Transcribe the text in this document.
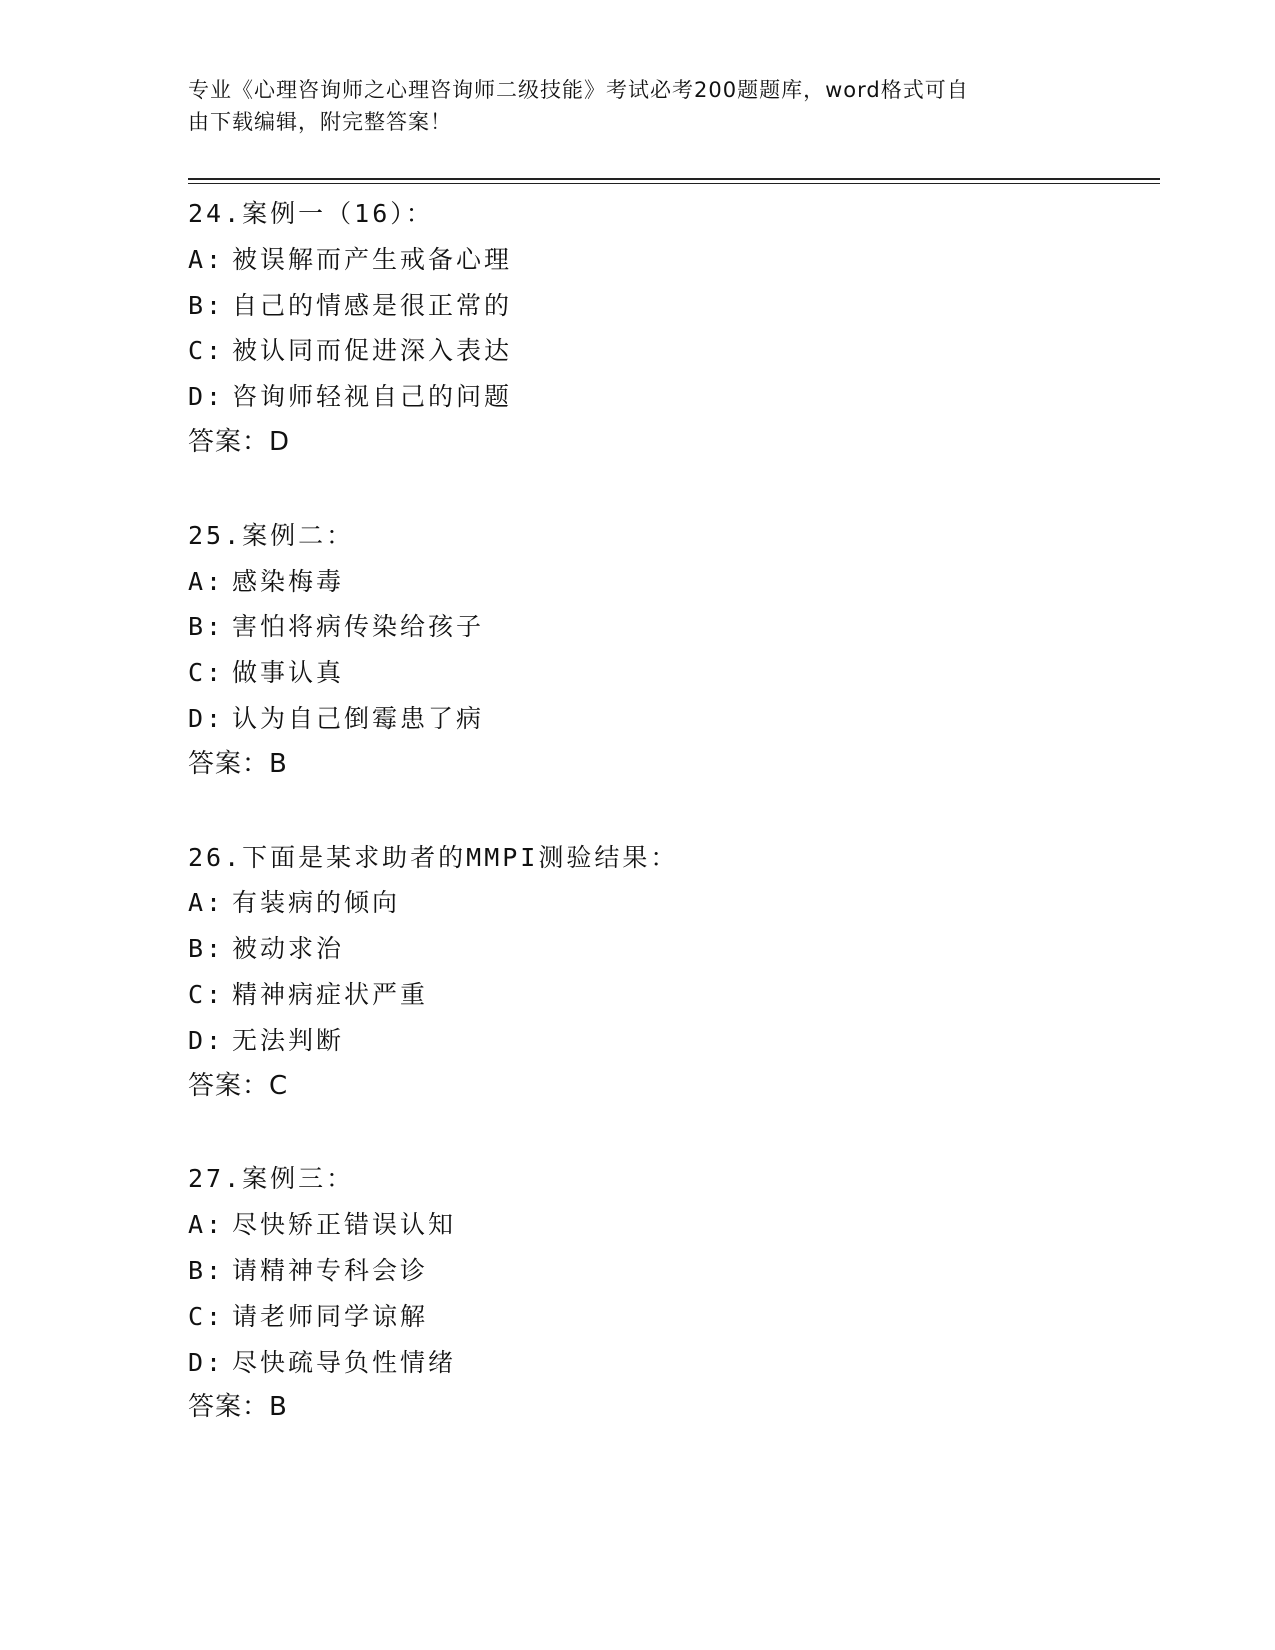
专业《心理咨询师之心理咨询师二级技能》考试必考200题题库，word格式可自
由下载编辑，附完整答案！
24.案例一（16）：
A: 被误解而产生戒备心理
B: 自己的情感是很正常的
C: 被认同而促进深入表达
D: 咨询师轻视自己的问题
答案：D
25.案例二：
A: 感染梅毒
B: 害怕将病传染给孩子
C: 做事认真
D: 认为自己倒霉患了病
答案：B
26.下面是某求助者的MMPI测验结果：
A: 有装病的倾向
B: 被动求治
C: 精神病症状严重
D: 无法判断
答案：C
27.案例三：
A: 尽快矫正错误认知
B: 请精神专科会诊
C: 请老师同学谅解
D: 尽快疏导负性情绪
答案：B
